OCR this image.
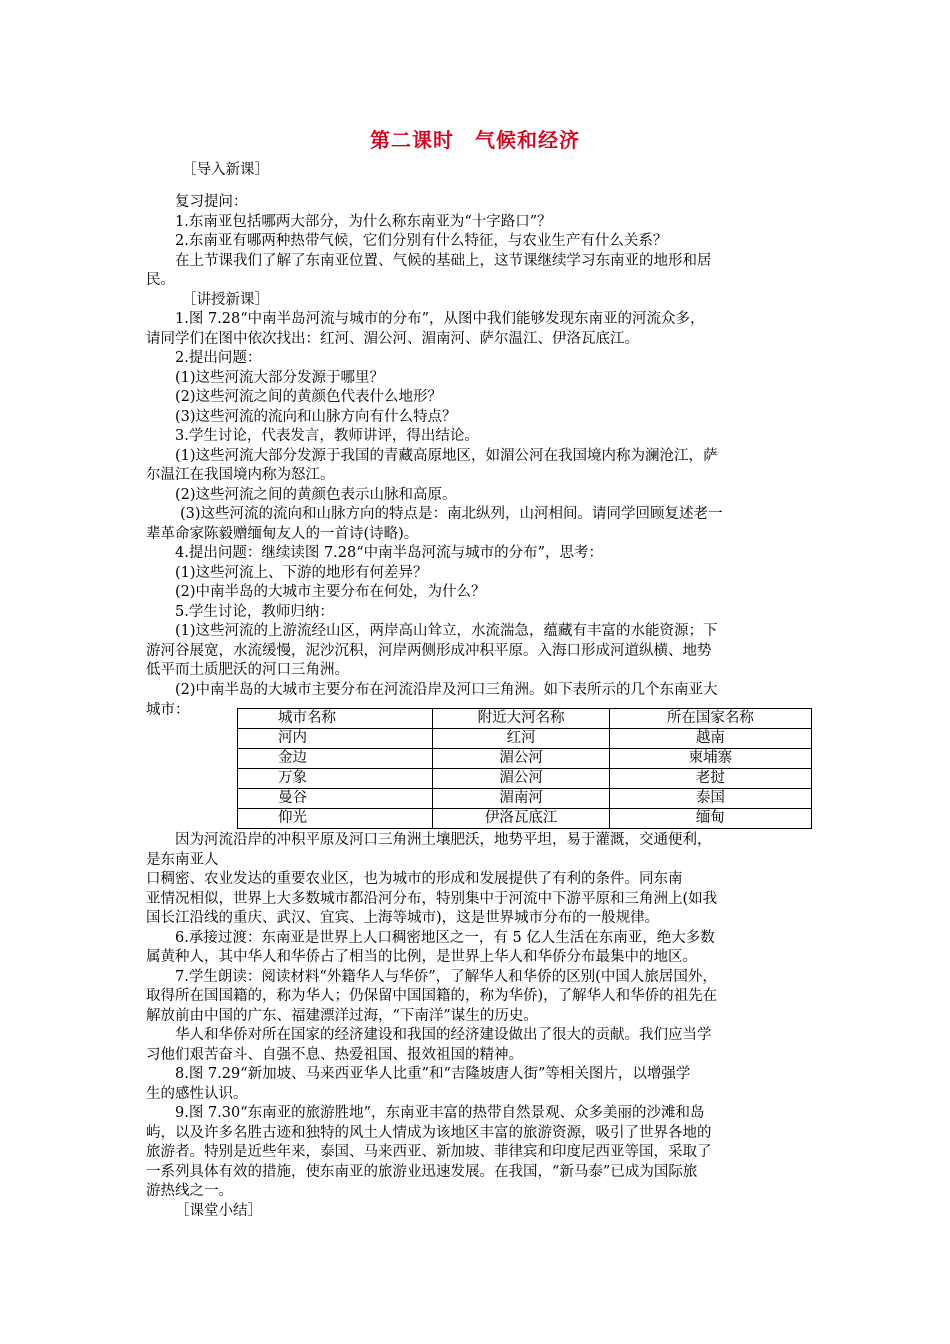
第二课时　气候和经济
［导入新课］
复习提问：
1.东南亚包括哪两大部分，为什么称东南亚为“十字路口”？
2.东南亚有哪两种热带气候，它们分别有什么特征，与农业生产有什么关系？
在上节课我们了解了东南亚位置、气候的基础上，这节课继续学习东南亚的地形和居
民。
［讲授新课］
1.图 7.28“中南半岛河流与城市的分布”，从图中我们能够发现东南亚的河流众多，
请同学们在图中依次找出：红河、湄公河、湄南河、萨尔温江、伊洛瓦底江。
2.提出问题：
(1)这些河流大部分发源于哪里？
(2)这些河流之间的黄颜色代表什么地形？
(3)这些河流的流向和山脉方向有什么特点？
3.学生讨论，代表发言，教师讲评，得出结论。
(1)这些河流大部分发源于我国的青藏高原地区，如湄公河在我国境内称为澜沧江，萨
尔温江在我国境内称为怒江。
(2)这些河流之间的黄颜色表示山脉和高原。
(3)这些河流的流向和山脉方向的特点是：南北纵列，山河相间。请同学回顾复述老一
辈革命家陈毅赠缅甸友人的一首诗(诗略)。
4.提出问题：继续读图 7.28“中南半岛河流与城市的分布”，思考：
(1)这些河流上、下游的地形有何差异？
(2)中南半岛的大城市主要分布在何处，为什么？
5.学生讨论，教师归纳：
(1)这些河流的上游流经山区，两岸高山耸立，水流湍急，蕴藏有丰富的水能资源；下
游河谷展宽，水流缓慢，泥沙沉积，河岸两侧形成冲积平原。入海口形成河道纵横、地势
低平而土质肥沃的河口三角洲。
(2)中南半岛的大城市主要分布在河流沿岸及河口三角洲。如下表所示的几个东南亚大
城市：	城市名称	附近大河名称	所在国家名称
河内	红河	越南
金边	湄公河	柬埔寨
万象	湄公河	老挝
曼谷	湄南河	泰国
仰光	伊洛瓦底江	缅甸
因为河流沿岸的冲积平原及河口三角洲土壤肥沃，地势平坦，易于灌溉，交通便利，
是东南亚人
口稠密、农业发达的重要农业区，也为城市的形成和发展提供了有利的条件。同东南
亚情况相似，世界上大多数城市都沿河分布，特别集中于河流中下游平原和三角洲上(如我
国长江沿线的重庆、武汉、宜宾、上海等城市)，这是世界城市分布的一般规律。
6.承接过渡：东南亚是世界上人口稠密地区之一，有 5 亿人生活在东南亚，绝大多数
属黄种人，其中华人和华侨占了相当的比例，是世界上华人和华侨分布最集中的地区。
7.学生朗读：阅读材料“外籍华人与华侨”，了解华人和华侨的区别(中国人旅居国外，
取得所在国国籍的，称为华人；仍保留中国国籍的，称为华侨)，了解华人和华侨的祖先在
解放前由中国的广东、福建漂洋过海，“下南洋”谋生的历史。
华人和华侨对所在国家的经济建设和我国的经济建设做出了很大的贡献。我们应当学
习他们艰苦奋斗、自强不息、热爱祖国、报效祖国的精神。
8.图 7.29“新加坡、马来西亚华人比重”和“吉隆坡唐人街”等相关图片，以增强学
生的感性认识。
9.图 7.30“东南亚的旅游胜地”，东南亚丰富的热带自然景观、众多美丽的沙滩和岛
屿，以及许多名胜古迹和独特的风土人情成为该地区丰富的旅游资源，吸引了世界各地的
旅游者。特别是近些年来，泰国、马来西亚、新加坡、菲律宾和印度尼西亚等国，采取了
一系列具体有效的措施，使东南亚的旅游业迅速发展。在我国，“新马泰”已成为国际旅
游热线之一。
［课堂小结］
